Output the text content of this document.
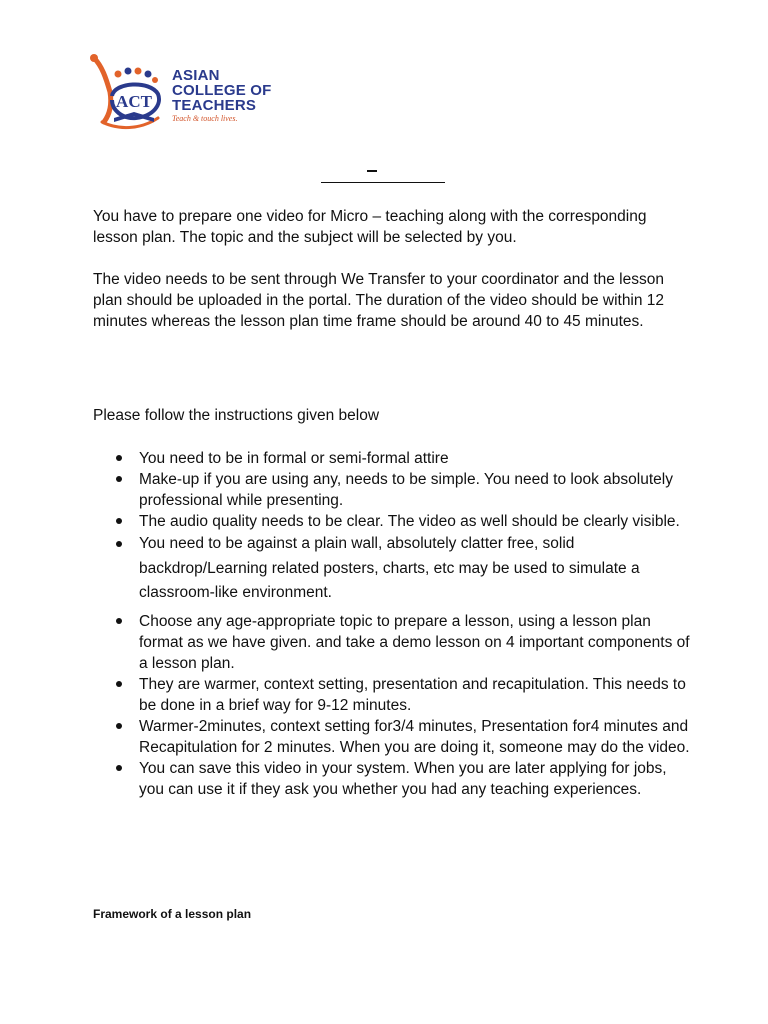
ACT
ASIAN
COLLEGE OF
TEACHERS
Teach & touch lives.

You have to prepare one video for Micro – teaching along with the corresponding lesson plan. The topic and the subject will be selected by you.

The video needs to be sent through We Transfer to your coordinator and the lesson plan should be uploaded in the portal. The duration of the video should be within 12 minutes whereas the lesson plan time frame should be around 40 to 45 minutes.

Please follow the instructions given below

You need to be in formal or semi-formal attire
Make-up if you are using any, needs to be simple. You need to look absolutely professional while presenting.
The audio quality needs to be clear. The video as well should be clearly visible.
You need to be against a plain wall, absolutely clatter free, solid backdrop/Learning related posters, charts, etc may be used to simulate a classroom-like environment.
Choose any age-appropriate topic to prepare a lesson, using a lesson plan format as we have given. and take a demo lesson on 4 important components of a lesson plan.
They are warmer, context setting, presentation and recapitulation. This needs to be done in a brief way for 9-12 minutes.
Warmer-2minutes, context setting for3/4 minutes, Presentation for4 minutes and Recapitulation for 2 minutes. When you are doing it, someone may do the video.
You can save this video in your system. When you are later applying for jobs, you can use it if they ask you whether you had any teaching experiences.

Framework of a lesson plan
